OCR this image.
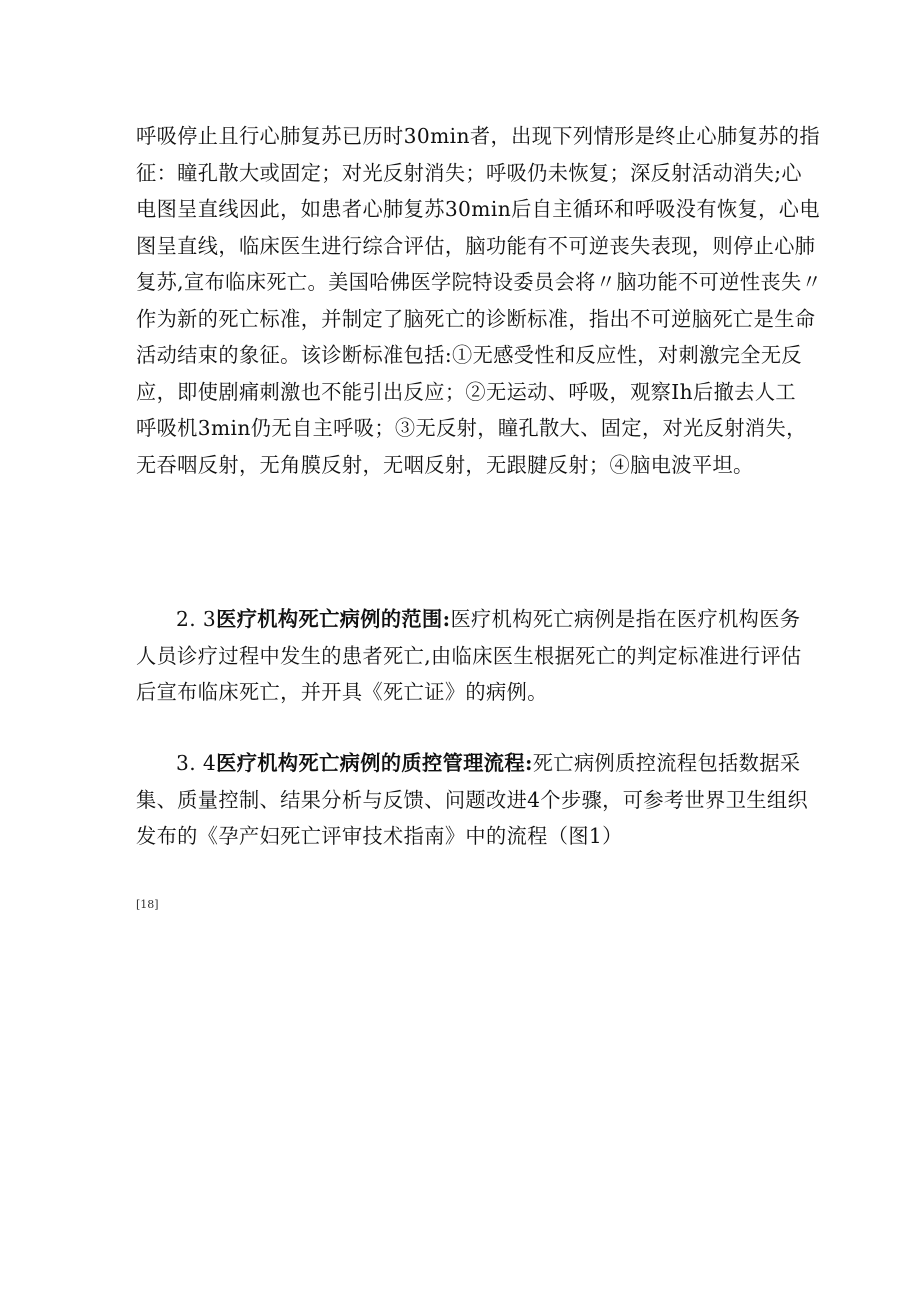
呼吸停止且行心肺复苏已历时30min者，出现下列情形是终止心肺复苏的指
征：瞳孔散大或固定；对光反射消失；呼吸仍未恢复；深反射活动消失;心
电图呈直线因此，如患者心肺复苏30min后自主循环和呼吸没有恢复，心电
图呈直线，临床医生进行综合评估，脑功能有不可逆丧失表现，则停止心肺
复苏,宣布临床死亡。美国哈佛医学院特设委员会将〃脑功能不可逆性丧失〃
作为新的死亡标准，并制定了脑死亡的诊断标准，指出不可逆脑死亡是生命
活动结束的象征。该诊断标准包括:①无感受性和反应性，对刺激完全无反
应，即使剧痛刺激也不能引出反应；②无运动、呼吸，观察Ih后撤去人工
呼吸机3min仍无自主呼吸；③无反射，瞳孔散大、固定，对光反射消失，
无吞咽反射，无角膜反射，无咽反射，无跟腱反射；④脑电波平坦。
2. 3医疗机构死亡病例的范围:医疗机构死亡病例是指在医疗机构医务
人员诊疗过程中发生的患者死亡,由临床医生根据死亡的判定标准进行评估
后宣布临床死亡，并开具《死亡证》的病例。
3. 4医疗机构死亡病例的质控管理流程:死亡病例质控流程包括数据采
集、质量控制、结果分析与反馈、问题改进4个步骤，可参考世界卫生组织
发布的《孕产妇死亡评审技术指南》中的流程（图1）
[18]
